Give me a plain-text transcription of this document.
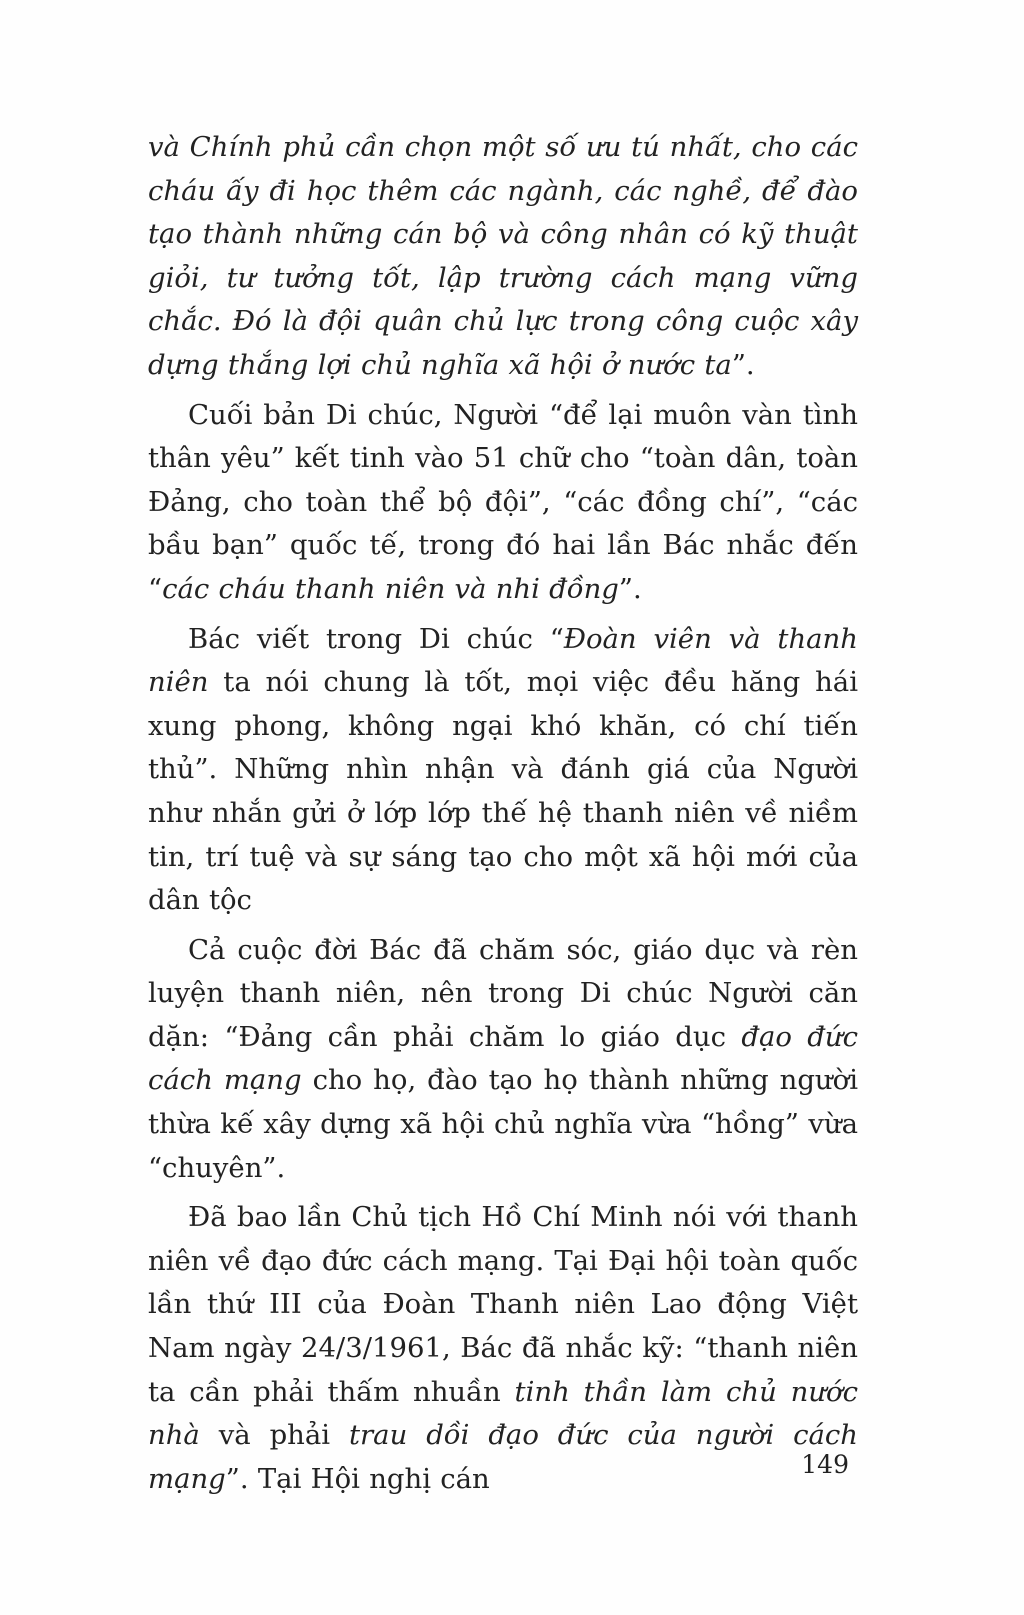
và Chính phủ cần chọn một số ưu tú nhất, cho các cháu ấy đi học thêm các ngành, các nghề, để đào tạo thành những cán bộ và công nhân có kỹ thuật giỏi, tư tưởng tốt, lập trường cách mạng vững chắc. Đó là đội quân chủ lực trong công cuộc xây dựng thắng lợi chủ nghĩa xã hội ở nước ta”.

Cuối bản Di chúc, Người “để lại muôn vàn tình thân yêu” kết tinh vào 51 chữ cho “toàn dân, toàn Đảng, cho toàn thể bộ đội”, “các đồng chí”, “các bầu bạn” quốc tế, trong đó hai lần Bác nhắc đến “các cháu thanh niên và nhi đồng”.

Bác viết trong Di chúc “Đoàn viên và thanh niên ta nói chung là tốt, mọi việc đều hăng hái xung phong, không ngại khó khăn, có chí tiến thủ”. Những nhìn nhận và đánh giá của Người như nhắn gửi ở lớp lớp thế hệ thanh niên về niềm tin, trí tuệ và sự sáng tạo cho một xã hội mới của dân tộc

Cả cuộc đời Bác đã chăm sóc, giáo dục và rèn luyện thanh niên, nên trong Di chúc Người căn dặn: “Đảng cần phải chăm lo giáo dục đạo đức cách mạng cho họ, đào tạo họ thành những người thừa kế xây dựng xã hội chủ nghĩa vừa “hồng” vừa “chuyên”.

Đã bao lần Chủ tịch Hồ Chí Minh nói với thanh niên về đạo đức cách mạng. Tại Đại hội toàn quốc lần thứ III của Đoàn Thanh niên Lao động Việt Nam ngày 24/3/1961, Bác đã nhắc kỹ: “thanh niên ta cần phải thấm nhuần tinh thần làm chủ nước nhà và phải trau dồi đạo đức của người cách mạng”. Tại Hội nghị cán	149
